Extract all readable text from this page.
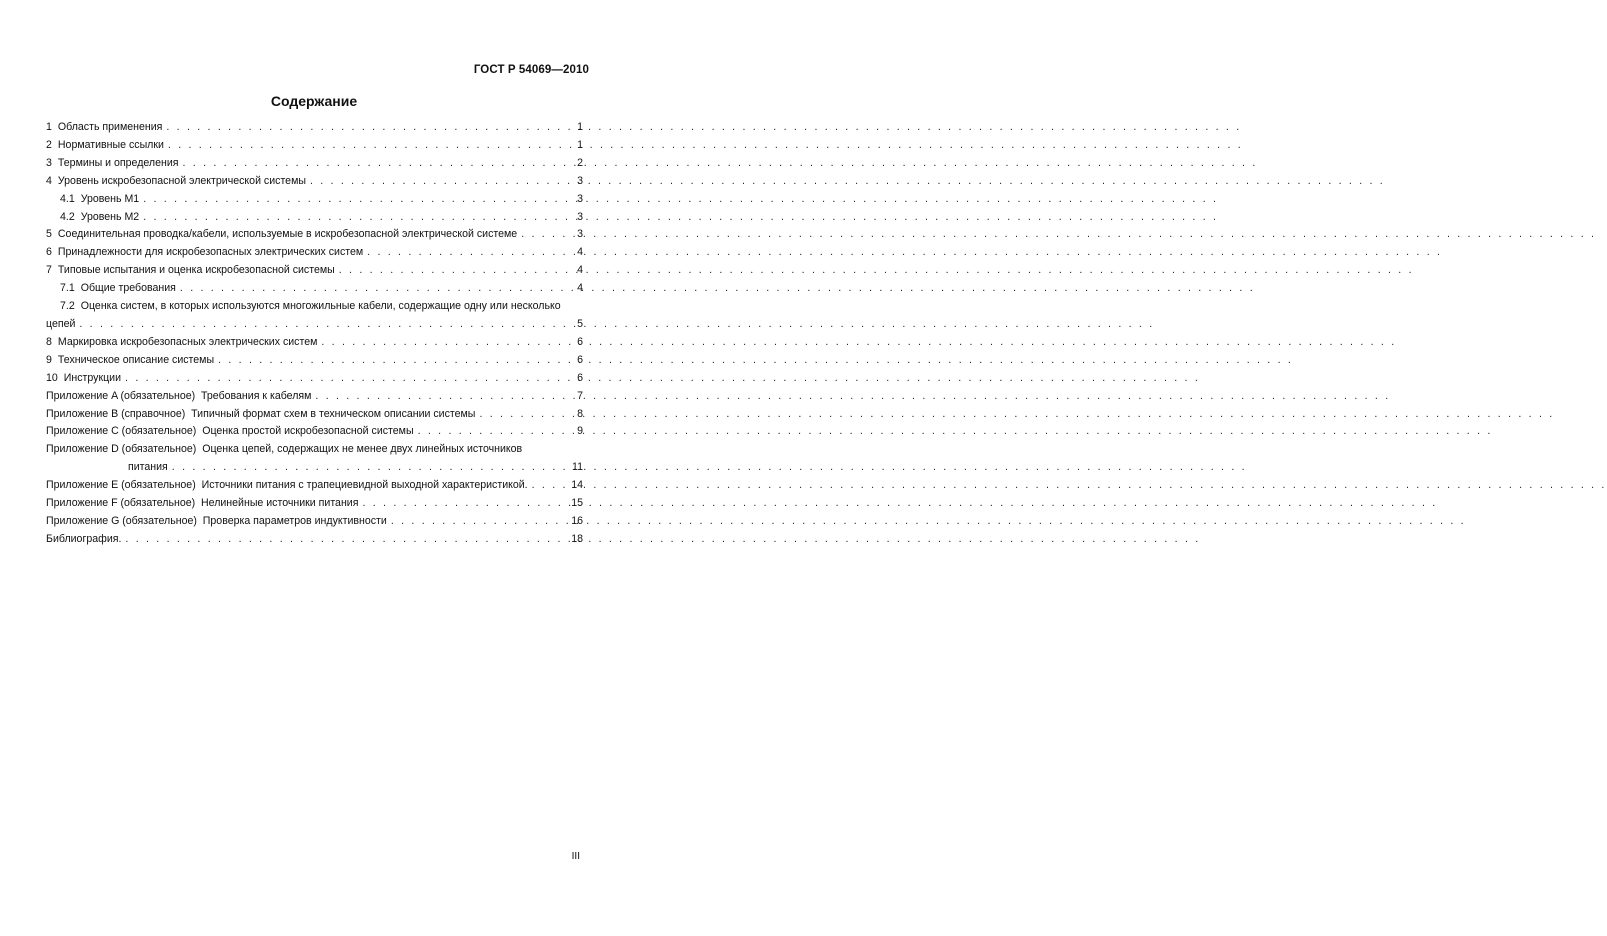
ГОСТ Р 54069—2010
Содержание
1 Область применения . . .	1
2 Нормативные ссылки . . .	1
3 Термины и определения . . .	2
4 Уровень искробезопасной электрической системы . . .	3
4.1 Уровень M1 . . .	3
4.2 Уровень M2 . . .	3
5 Соединительная проводка/кабели, используемые в искробезопасной электрической системе . . .	3
6 Принадлежности для искробезопасных электрических систем . . .	4
7 Типовые испытания и оценка искробезопасной системы . . .	4
7.1 Общие требования . . .	4
7.2 Оценка систем, в которых используются многожильные кабели, содержащие одну или несколько
цепей . . .	5
8 Маркировка искробезопасных электрических систем . . .	6
9 Техническое описание системы . . .	6
10 Инструкции . . .	6
Приложение A (обязательное)  Требования к кабелям . . .	7
Приложение B (справочное)  Типичный формат схем в техническом описании системы . . .	8
Приложение C (обязательное)  Оценка простой искробезопасной системы . . .	9
Приложение D (обязательное)  Оценка цепей, содержащих не менее двух линейных источников
питания . . .	11
Приложение E (обязательное)  Источники питания с трапециевидной выходной характеристикой. . . .	14
Приложение F (обязательное)  Нелинейные источники питания . . .	15
Приложение G (обязательное)  Проверка параметров индуктивности . . .	16
Библиография. . . .	18
III
